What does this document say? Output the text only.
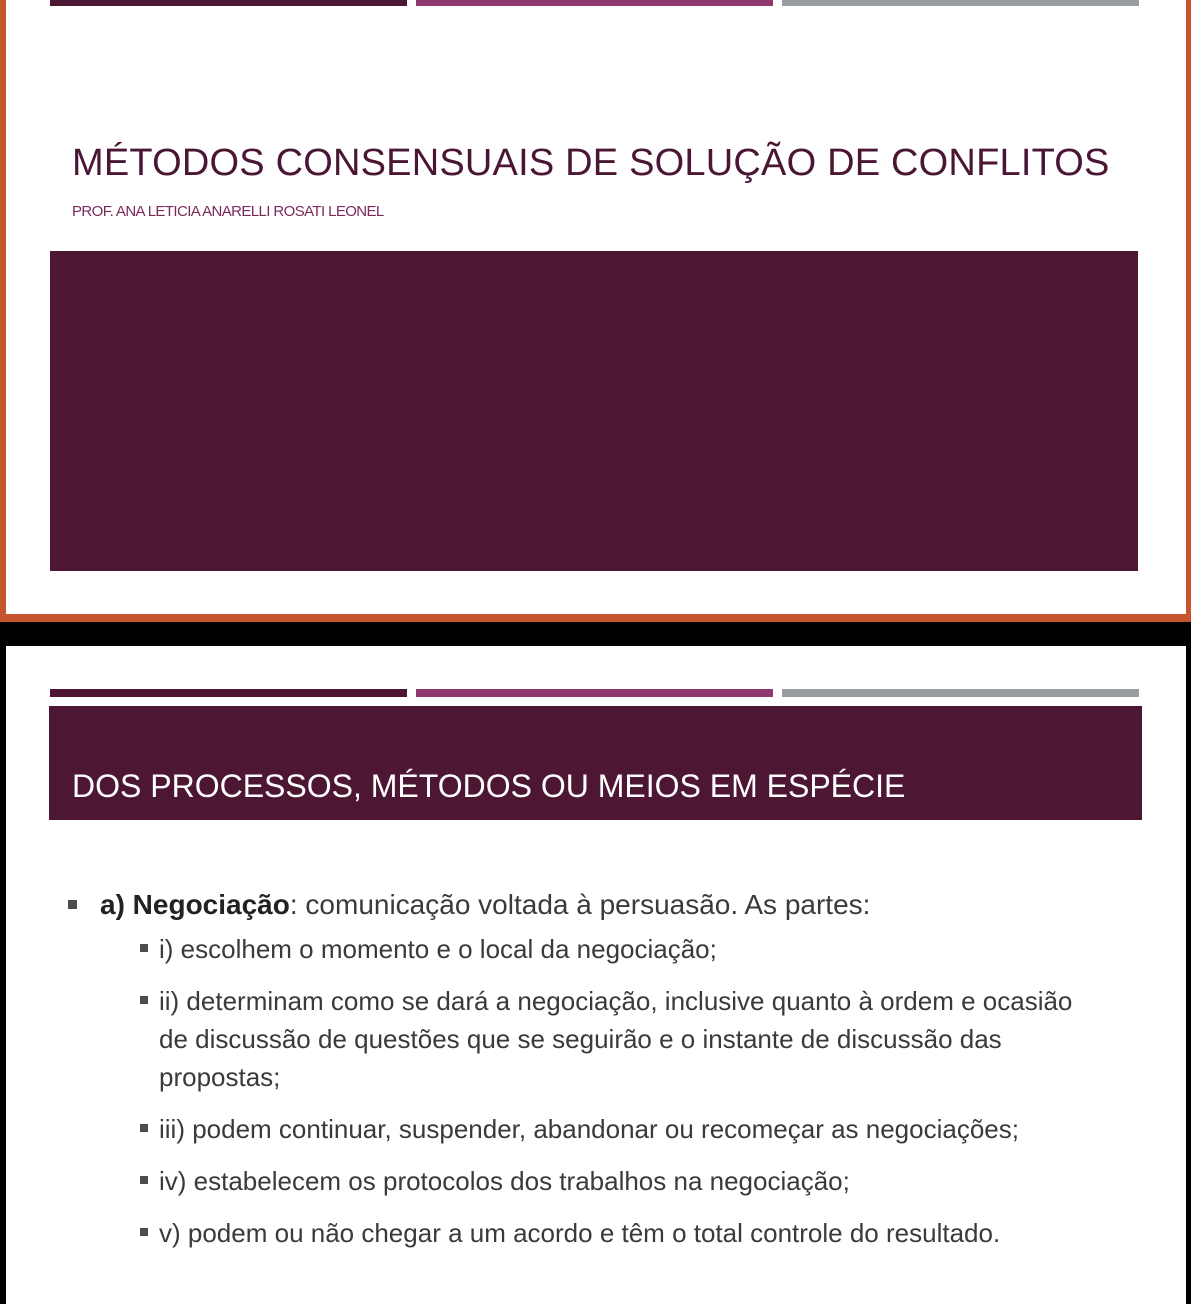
MÉTODOS CONSENSUAIS DE SOLUÇÃO DE CONFLITOS
PROF. ANA LETICIA ANARELLI ROSATI LEONEL
DOS PROCESSOS, MÉTODOS OU MEIOS EM ESPÉCIE
a) Negociação: comunicação voltada à persuasão. As partes:
i) escolhem o momento e o local da negociação;
ii) determinam como se dará a negociação, inclusive quanto à ordem e ocasião de discussão de questões que se seguirão e o instante de discussão das propostas;
iii) podem continuar, suspender, abandonar ou recomeçar as negociações;
iv) estabelecem os protocolos dos trabalhos na negociação;
v) podem ou não chegar a um acordo e têm o total controle do resultado.
